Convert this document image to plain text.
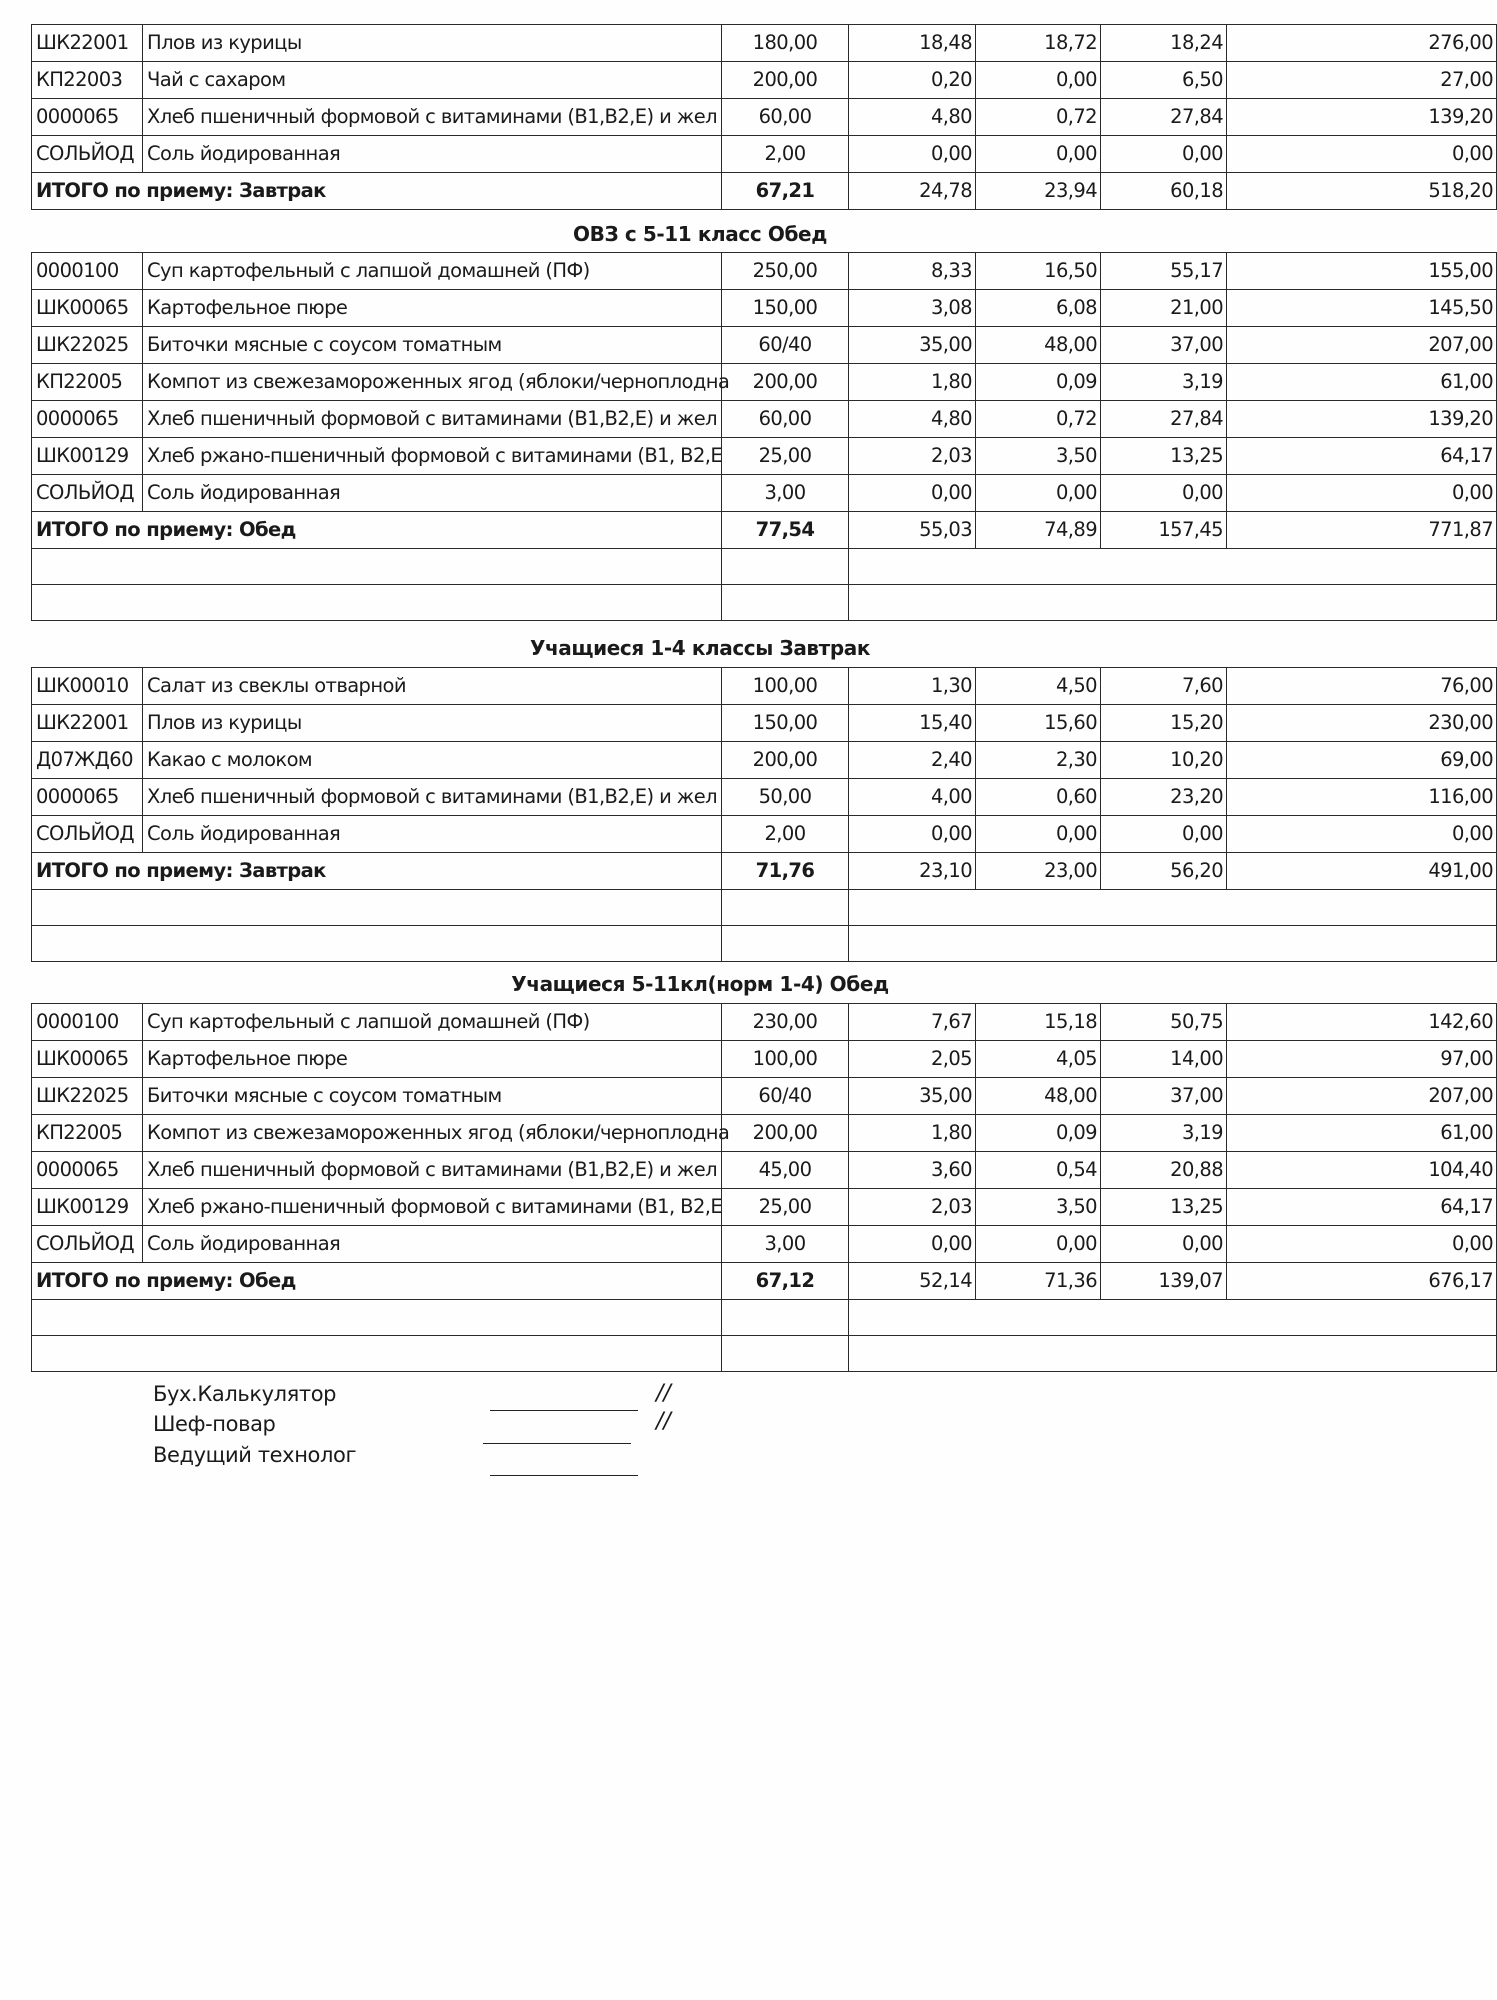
ШК22001	Плов из курицы	180,00	18,48	18,72	18,24	276,00
КП22003	Чай с сахаром	200,00	0,20	0,00	6,50	27,00
0000065	Хлеб пшеничный формовой с витаминами (В1,В2,Е) и жел	60,00	4,80	0,72	27,84	139,20
СОЛЬЙОД	Соль йодированная	2,00	0,00	0,00	0,00	0,00
ИТОГО по приему: Завтрак		67,21	24,78	23,94	60,18	518,20
ОВЗ с 5-11 класс Обед
0000100	Суп картофельный с лапшой домашней (ПФ)	250,00	8,33	16,50	55,17	155,00
ШК00065	Картофельное пюре	150,00	3,08	6,08	21,00	145,50
ШК22025	Биточки мясные с соусом томатным	60/40	35,00	48,00	37,00	207,00
КП22005	Компот из свежезамороженных ягод (яблоки/черноплодна	200,00	1,80	0,09	3,19	61,00
0000065	Хлеб пшеничный формовой с витаминами (В1,В2,Е) и жел	60,00	4,80	0,72	27,84	139,20
ШК00129	Хлеб ржано-пшеничный формовой с витаминами (В1, В2,Е	25,00	2,03	3,50	13,25	64,17
СОЛЬЙОД	Соль йодированная	3,00	0,00	0,00	0,00	0,00
ИТОГО по приему: Обед		77,54	55,03	74,89	157,45	771,87

Учащиеся 1-4 классы Завтрак
ШК00010	Салат из свеклы отварной	100,00	1,30	4,50	7,60	76,00
ШК22001	Плов из курицы	150,00	15,40	15,60	15,20	230,00
Д07ЖД60	Какао с молоком	200,00	2,40	2,30	10,20	69,00
0000065	Хлеб пшеничный формовой с витаминами (В1,В2,Е) и жел	50,00	4,00	0,60	23,20	116,00
СОЛЬЙОД	Соль йодированная	2,00	0,00	0,00	0,00	0,00
ИТОГО по приему: Завтрак		71,76	23,10	23,00	56,20	491,00

Учащиеся 5-11кл(норм 1-4) Обед
0000100	Суп картофельный с лапшой домашней (ПФ)	230,00	7,67	15,18	50,75	142,60
ШК00065	Картофельное пюре	100,00	2,05	4,05	14,00	97,00
ШК22025	Биточки мясные с соусом томатным	60/40	35,00	48,00	37,00	207,00
КП22005	Компот из свежезамороженных ягод (яблоки/черноплодна	200,00	1,80	0,09	3,19	61,00
0000065	Хлеб пшеничный формовой с витаминами (В1,В2,Е) и жел	45,00	3,60	0,54	20,88	104,40
ШК00129	Хлеб ржано-пшеничный формовой с витаминами (В1, В2,Е	25,00	2,03	3,50	13,25	64,17
СОЛЬЙОД	Соль йодированная	3,00	0,00	0,00	0,00	0,00
ИТОГО по приему: Обед		67,12	52,14	71,36	139,07	676,17

Бух.Калькулятор	//
Шеф-повар	//
Ведущий технолог
